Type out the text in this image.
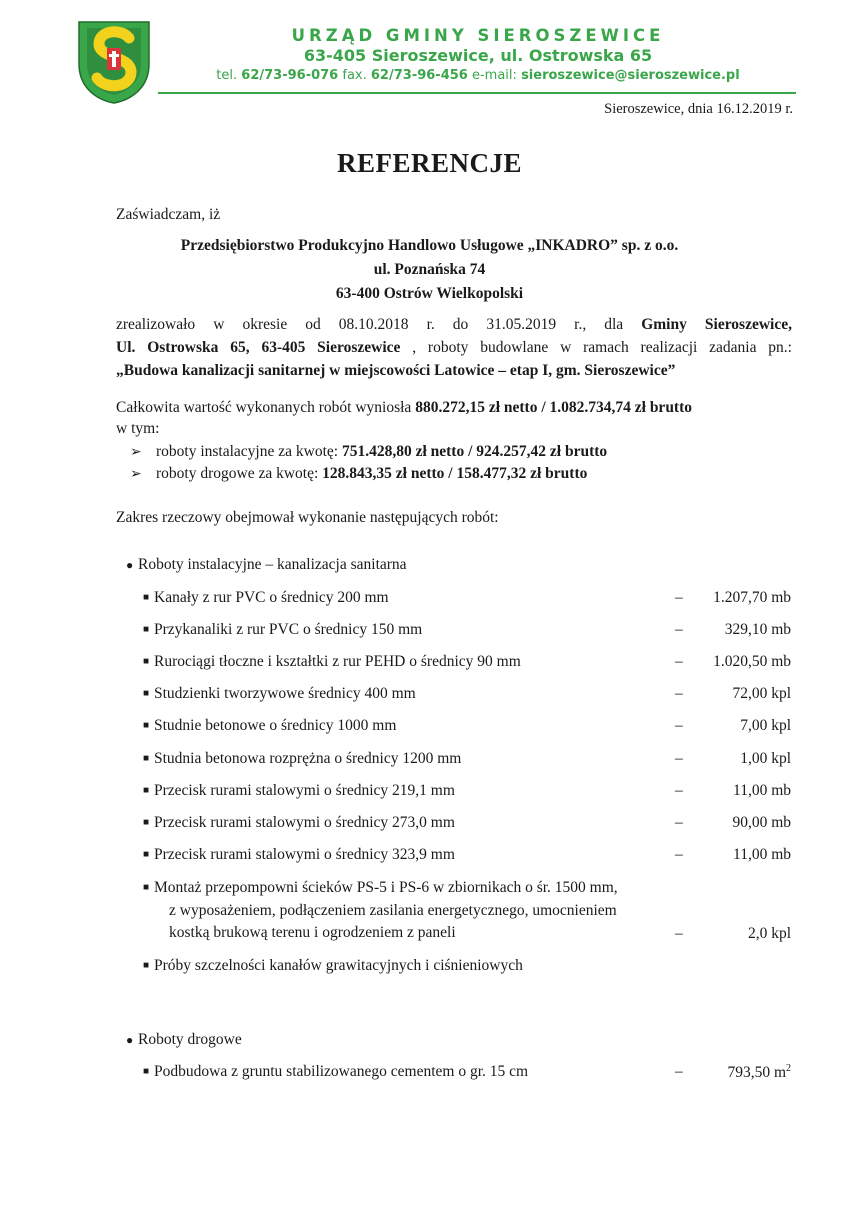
URZĄD GMINY SIEROSZEWICE
63-405 Sieroszewice, ul. Ostrowska 65
tel. 62/73-96-076 fax. 62/73-96-456 e-mail: sieroszewice@sieroszewice.pl
Sieroszewice, dnia 16.12.2019 r.
REFERENCJE
Zaświadczam, iż
Przedsiębiorstwo Produkcyjno Handlowo Usługowe „INKADRO” sp. z o.o.
ul. Poznańska 74
63-400 Ostrów Wielkopolski
zrealizowało w okresie od 08.10.2018 r. do 31.05.2019 r., dla Gminy Sieroszewice,
Ul. Ostrowska 65, 63-405 Sieroszewice , roboty budowlane w ramach realizacji zadania pn.:
„Budowa kanalizacji sanitarnej w miejscowości Latowice – etap I, gm. Sieroszewice”
Całkowita wartość wykonanych robót wyniosła 880.272,15 zł netto / 1.082.734,74 zł brutto
w tym:
➢ roboty instalacyjne za kwotę: 751.428,80 zł netto / 924.257,42 zł brutto
➢ roboty drogowe za kwotę: 128.843,35 zł netto / 158.477,32 zł brutto
Zakres rzeczowy obejmował wykonanie następujących robót:
● Roboty instalacyjne – kanalizacja sanitarna
■ Kanały z rur PVC o średnicy 200 mm	– 1.207,70 mb
■ Przykanaliki z rur PVC o średnicy 150 mm	–	329,10 mb
■ Rurociągi tłoczne i kształtki z rur PEHD o średnicy 90 mm	– 1.020,50 mb
■ Studzienki tworzywowe średnicy 400 mm	–	72,00 kpl
■ Studnie betonowe o średnicy 1000 mm	–	7,00 kpl
■ Studnia betonowa rozprężna o średnicy 1200 mm	–	1,00 kpl
■ Przecisk rurami stalowymi o średnicy 219,1 mm	–	11,00 mb
■ Przecisk rurami stalowymi o średnicy 273,0 mm	–	90,00 mb
■ Przecisk rurami stalowymi o średnicy 323,9 mm	–	11,00 mb
■ Montaż przepompowni ścieków PS-5 i PS-6 w zbiornikach o śr. 1500 mm,
z wyposażeniem, podłączeniem zasilania energetycznego, umocnieniem
kostką brukową terenu i ogrodzeniem z paneli	–	2,0 kpl
■ Próby szczelności kanałów grawitacyjnych i ciśnieniowych
● Roboty drogowe
■ Podbudowa z gruntu stabilizowanego cementem o gr. 15 cm	–	793,50 $m^2$
